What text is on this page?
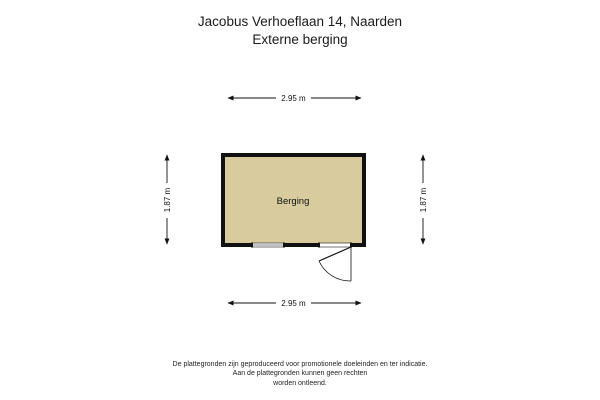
Jacobus Verhoeflaan 14, Naarden
Externe berging
2.95 m
2.95 m
1.87 m	1.87 m
Berging
De plattegronden zijn geproduceerd voor promotionele doeleinden en ter indicatie.
Aan de plattegronden kunnen geen rechten
worden ontleend.
